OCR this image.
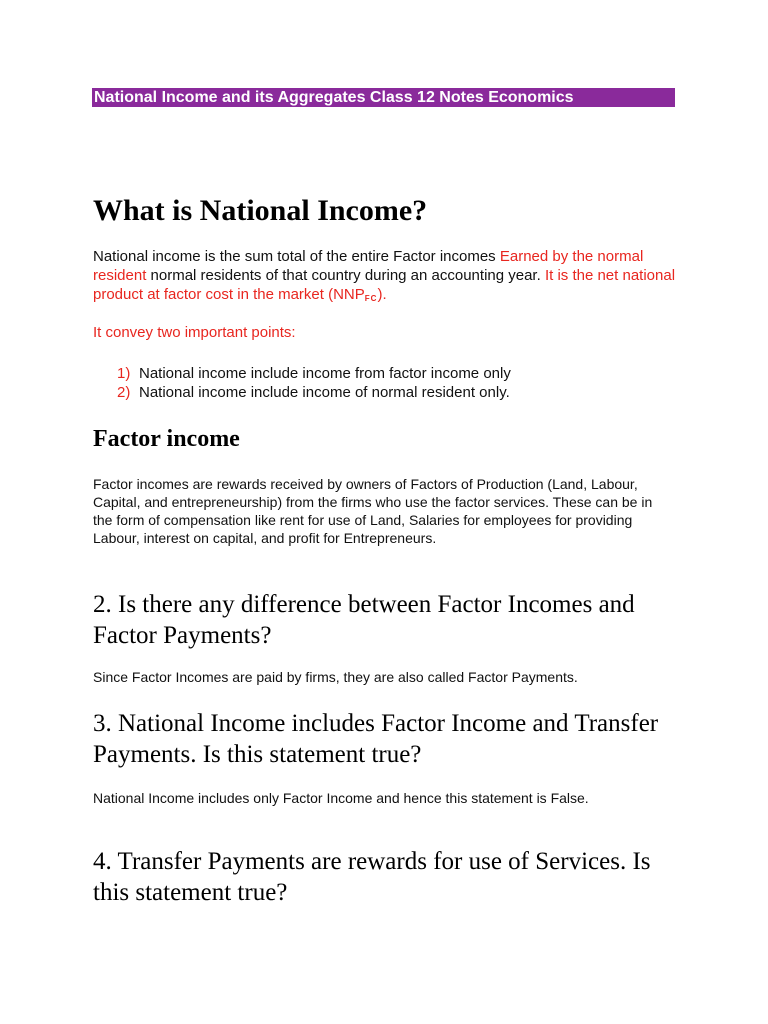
National Income and its Aggregates Class 12 Notes Economics
What is National Income?

National income is the sum total of the entire Factor incomes Earned by the normal resident normal residents of that country during an accounting year. It is the net national product at factor cost in the market $(NNP_{FC})$.

It convey two important points:

1) National income include income from factor income only
2) National income include income of normal resident only.
Factor income

Factor incomes are rewards received by owners of Factors of Production (Land, Labour, Capital, and entrepreneurship) from the firms who use the factor services. These can be in the form of compensation like rent for use of Land, Salaries for employees for providing Labour, interest on capital, and profit for Entrepreneurs.

2. Is there any difference between Factor Incomes and Factor Payments?

Since Factor Incomes are paid by firms, they are also called Factor Payments.

3. National Income includes Factor Income and Transfer Payments. Is this statement true?

National Income includes only Factor Income and hence this statement is False.

4. Transfer Payments are rewards for use of Services. Is this statement true?
